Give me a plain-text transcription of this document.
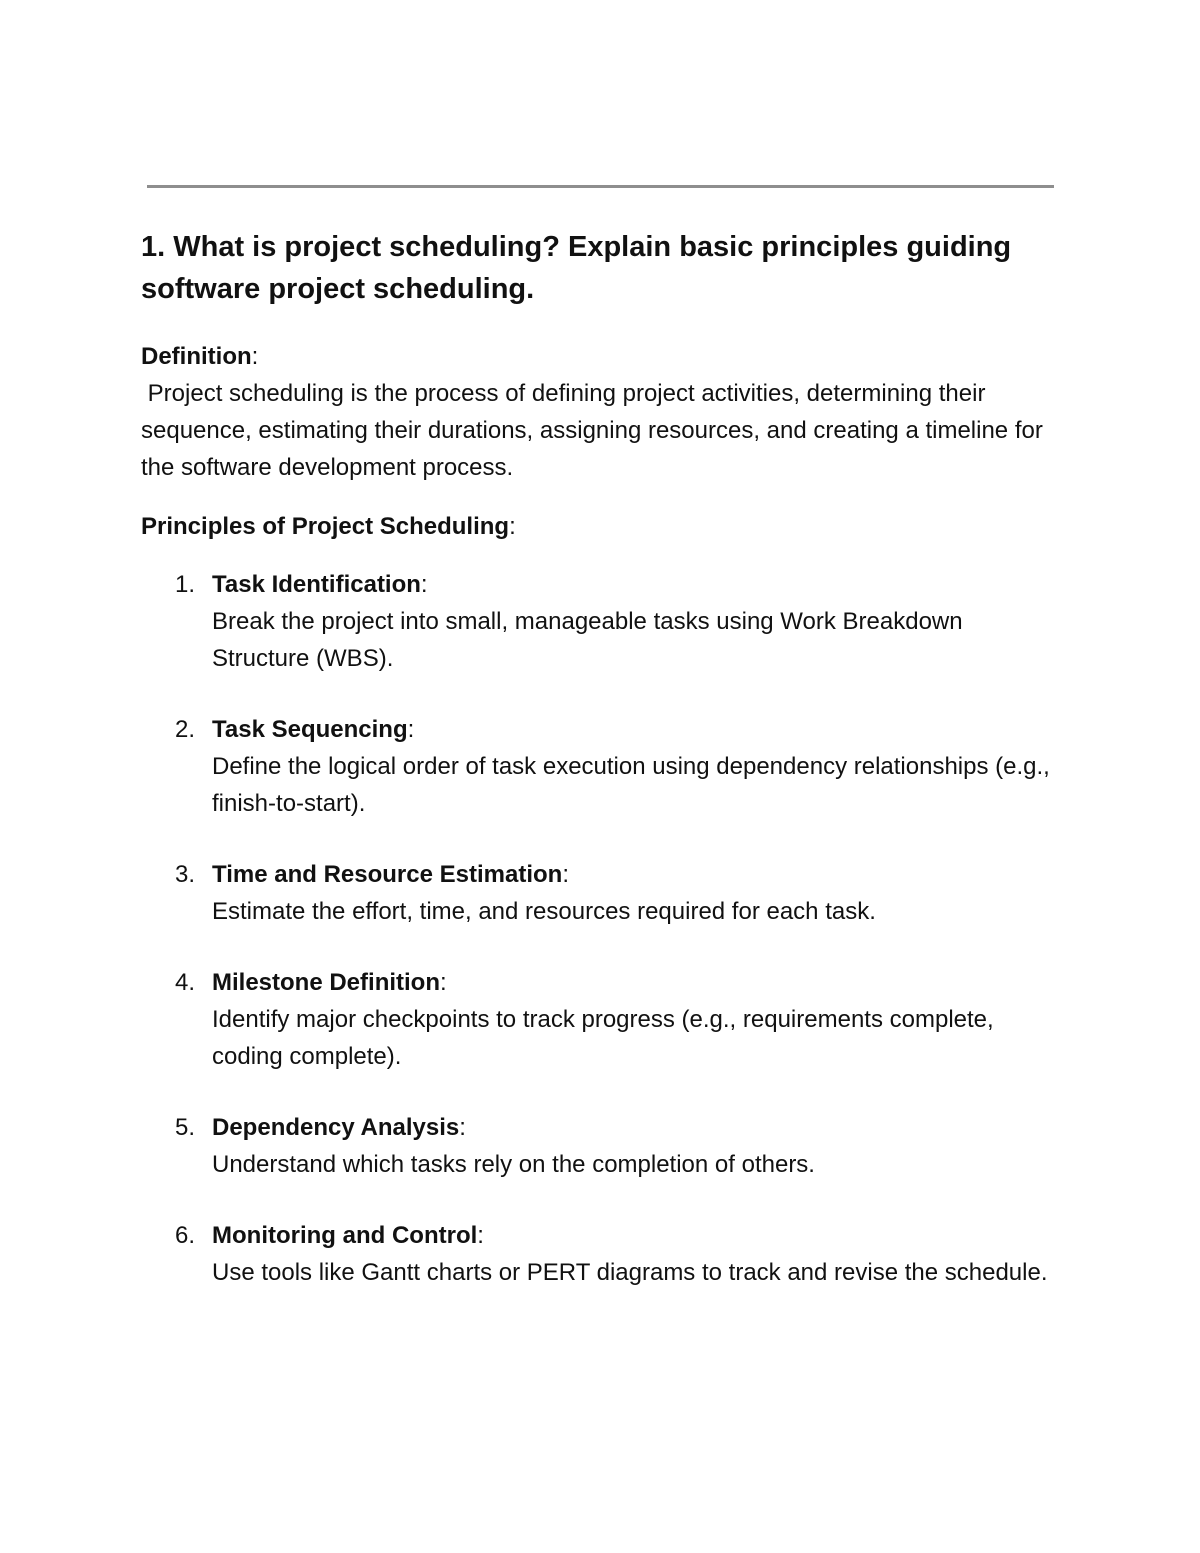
1. What is project scheduling? Explain basic principles guiding software project scheduling.
Definition:

Project scheduling is the process of defining project activities, determining their sequence, estimating their durations, assigning resources, and creating a timeline for the software development process.

Principles of Project Scheduling:
1. Task Identification:
Break the project into small, manageable tasks using Work Breakdown Structure (WBS).
2. Task Sequencing:
Define the logical order of task execution using dependency relationships (e.g., finish-to-start).
3. Time and Resource Estimation:
Estimate the effort, time, and resources required for each task.
4. Milestone Definition:
Identify major checkpoints to track progress (e.g., requirements complete, coding complete).
5. Dependency Analysis:
Understand which tasks rely on the completion of others.
6. Monitoring and Control:
Use tools like Gantt charts or PERT diagrams to track and revise the schedule.
